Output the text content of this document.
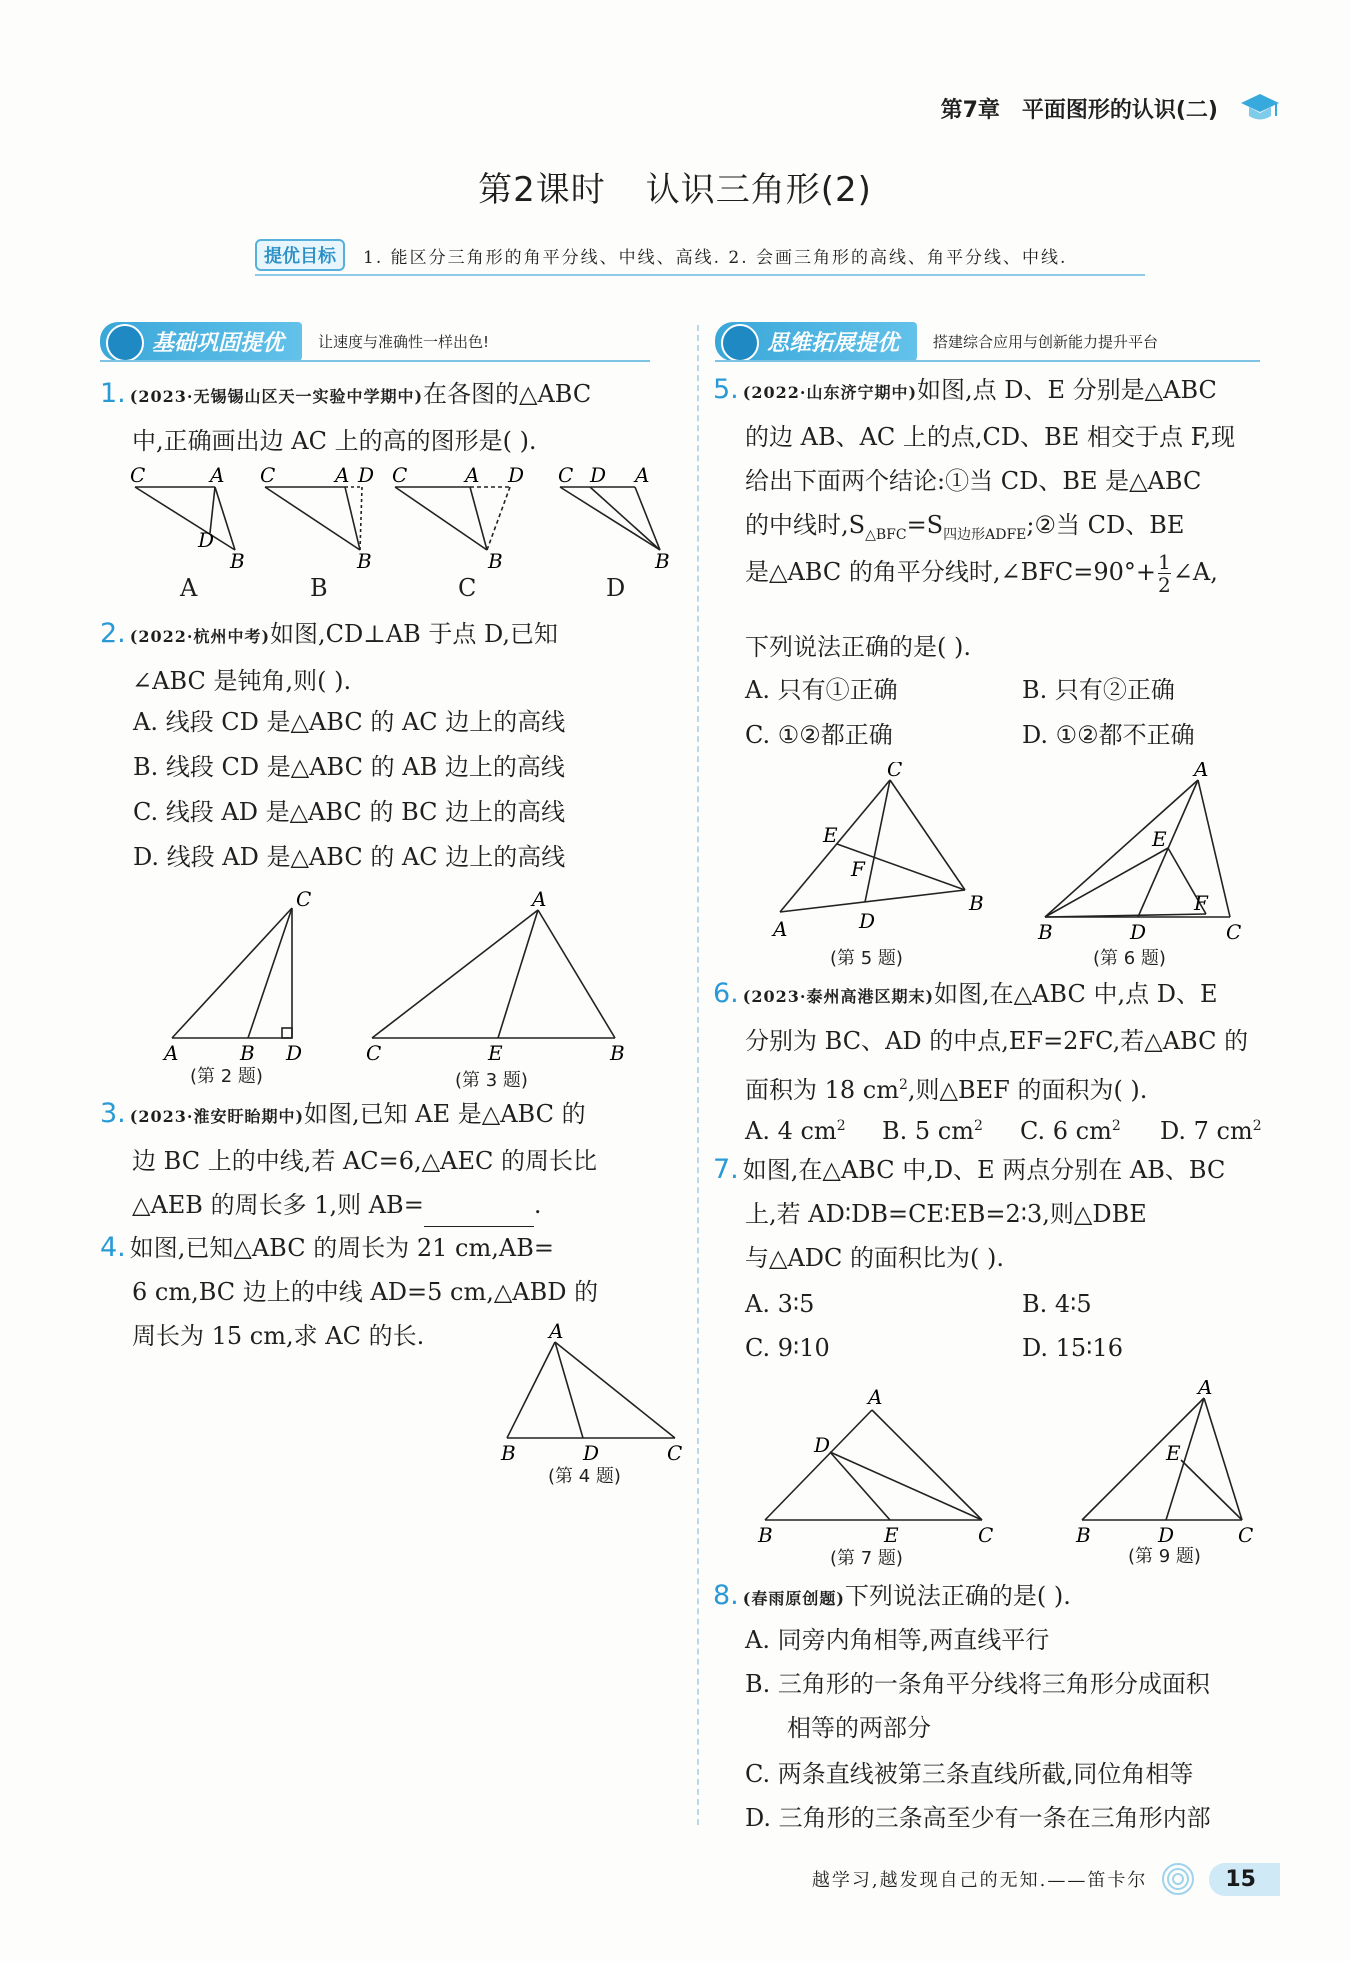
第7章 平面图形的认识(二)
第2课时 认识三角形(2)
提优目标	1. 能区分三角形的角平分线、中线、高线. 2. 会画三角形的高线、角平分线、中线.
基础巩固提优	让速度与准确性一样出色!	思维拓展提优	搭建综合应用与创新能力提升平台
1. (2023·无锡锡山区天一实验中学期中)在各图的△ABC
中,正确画出边 AC 上的高的图形是( ).
C	A
D
B
C	A D
B
C	A D
B
C D A
B
A	B	C	D
2. (2022·杭州中考)如图,CD⊥AB 于点 D,已知
∠ABC 是钝角,则( ).
A. 线段 CD 是△ABC 的 AC 边上的高线
B. 线段 CD 是△ABC 的 AB 边上的高线
C. 线段 AD 是△ABC 的 BC 边上的高线
D. 线段 AD 是△ABC 的 AC 边上的高线
C
A	B D
(第 2 题)
A
C	E	B
(第 3 题)
3. (2023·淮安盱眙期中)如图,已知 AE 是△ABC 的
边 BC 上的中线,若 AC=6,△AEC 的周长比
△AEB 的周长多 1,则 AB=	.
4. 如图,已知△ABC 的周长为 21 cm,AB=
6 cm,BC 边上的中线 AD=5 cm,△ABD 的
周长为 15 cm,求 AC 的长.	A
B	D	C
(第 4 题)
5. (2022·山东济宁期中)如图,点 D、E 分别是△ABC
的边 AB、AC 上的点,CD、BE 相交于点 F,现
给出下面两个结论:①当 CD、BE 是△ABC
的中线时$,S_{\triangle BFC}=S_{四边形ADFE};②$当 CD、BE
是△ABC 的角平分线时,∠BFC=90°+ $\frac{1}{2}$ ∠A,
下列说法正确的是( ).
A. 只有①正确	B. 只有②正确
C. ①②都正确	D. ①②都不正确
C
E
F
B
A	D
(第 5 题)
A
E
F
B	D	C
(第 6 题)
6. (2023·泰州高港区期末)如图,在△ABC 中,点 D、E
分别为 BC、AD 的中点,EF=2FC,若△ABC 的
面积为 18 $cm^2$,则△BEF 的面积为( ).
A. 4 $cm^2$ B. 5 $cm^2$ C. 6 $cm^2$ D. 7 $cm^2$
7. 如图,在△ABC 中,D、E 两点分别在 AB、BC
上,若 AD∶DB=CE∶EB=2∶3,则△DBE
与△ADC 的面积比为( ).
A. 3∶5	B. 4∶5
C. 9∶10	D. 15∶16
A
D
B	E	C
(第 7 题)
A
E
B	D	C
(第 9 题)
8. (春雨原创题)下列说法正确的是( ).
A. 同旁内角相等,两直线平行
B. 三角形的一条角平分线将三角形分成面积
相等的两部分
C. 两条直线被第三条直线所截,同位角相等
D. 三角形的三条高至少有一条在三角形内部
越学习,越发现自己的无知.——笛卡尔	15
